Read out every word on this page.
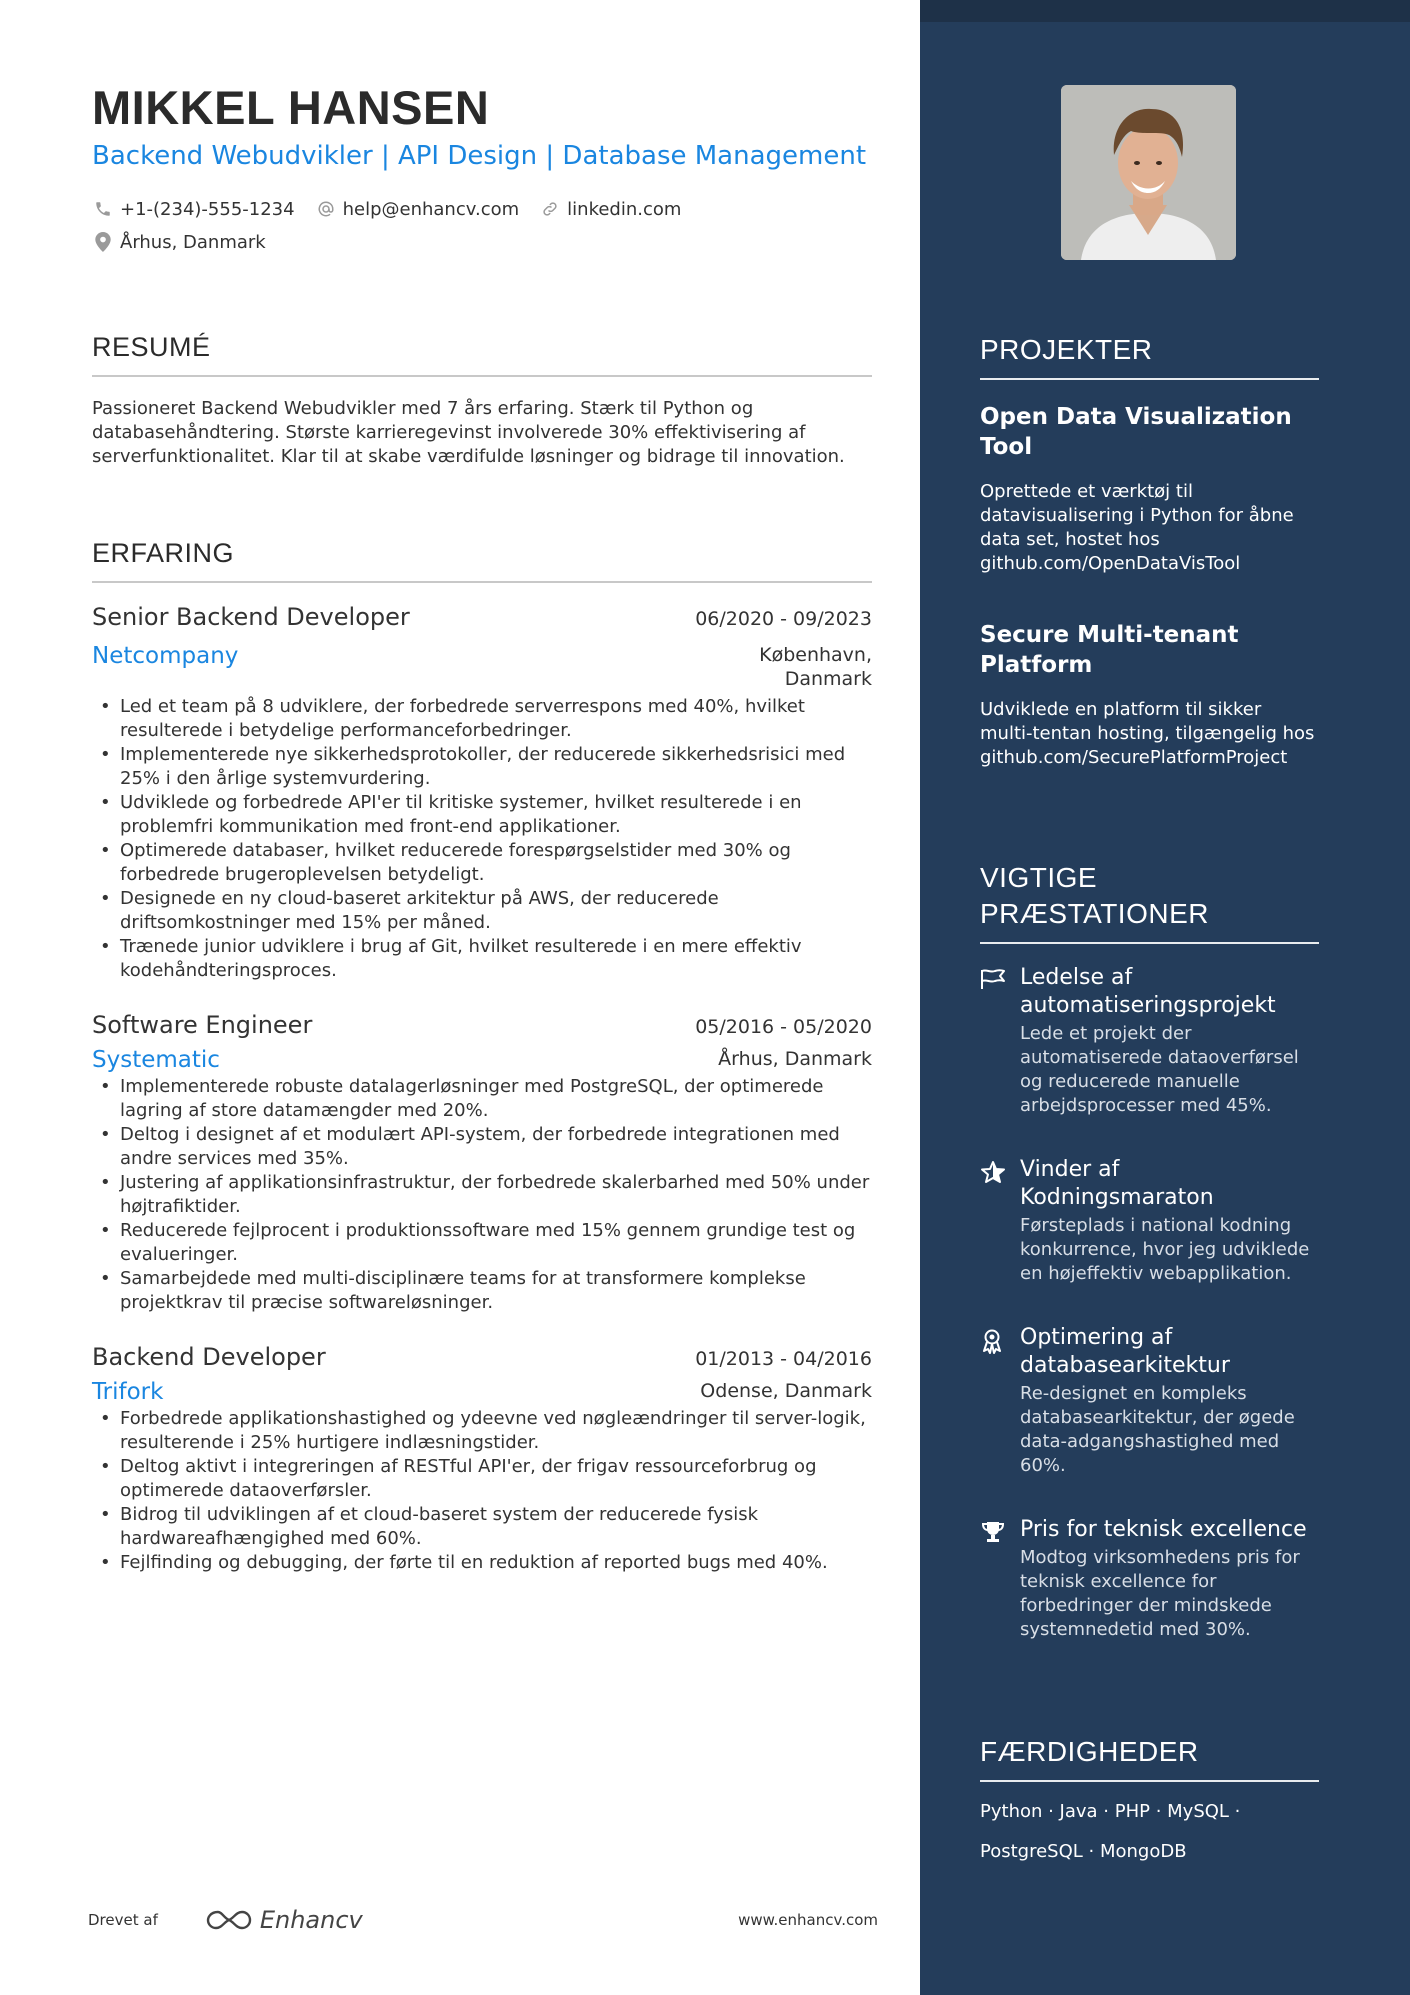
MIKKEL HANSEN
Backend Webudvikler | API Design | Database Management
+1-(234)-555-1234	help@enhancv.com	linkedin.com
Århus, Danmark
RESUMÉ
Passioneret Backend Webudvikler med 7 års erfaring. Stærk til Python og databasehåndtering. Største karrieregevinst involverede 30% effektivisering af serverfunktionalitet. Klar til at skabe værdifulde løsninger og bidrage til innovation.
ERFARING
Senior Backend Developer	06/2020 - 09/2023
Netcompany	København,
Danmark
• Led et team på 8 udviklere, der forbedrede serverrespons med 40%, hvilket resulterede i betydelige performanceforbedringer.
• Implementerede nye sikkerhedsprotokoller, der reducerede sikkerhedsrisici med 25% i den årlige systemvurdering.
• Udviklede og forbedrede API'er til kritiske systemer, hvilket resulterede i en problemfri kommunikation med front-end applikationer.
• Optimerede databaser, hvilket reducerede forespørgselstider med 30% og forbedrede brugeroplevelsen betydeligt.
• Designede en ny cloud-baseret arkitektur på AWS, der reducerede driftsomkostninger med 15% per måned.
• Trænede junior udviklere i brug af Git, hvilket resulterede i en mere effektiv kodehåndteringsproces.
Software Engineer	05/2016 - 05/2020
Systematic	Århus, Danmark
• Implementerede robuste datalagerløsninger med PostgreSQL, der optimerede lagring af store datamængder med 20%.
• Deltog i designet af et modulært API-system, der forbedrede integrationen med andre services med 35%.
• Justering af applikationsinfrastruktur, der forbedrede skalerbarhed med 50% under højtrafiktider.
• Reducerede fejlprocent i produktionssoftware med 15% gennem grundige test og evalueringer.
• Samarbejdede med multi-disciplinære teams for at transformere komplekse projektkrav til præcise softwareløsninger.
Backend Developer	01/2013 - 04/2016
Trifork	Odense, Danmark
• Forbedrede applikationshastighed og ydeevne ved nøgleændringer til server-logik, resulterende i 25% hurtigere indlæsningstider.
• Deltog aktivt i integreringen af RESTful API'er, der frigav ressourceforbrug og optimerede dataoverførsler.
• Bidrog til udviklingen af et cloud-baseret system der reducerede fysisk hardwareafhængighed med 60%.
• Fejlfinding og debugging, der førte til en reduktion af reported bugs med 40%.
Drevet af	Enhancv	www.enhancv.com
PROJEKTER
Open Data Visualization Tool
Oprettede et værktøj til datavisualisering i Python for åbne data set, hostet hos github.com/OpenDataVisTool
Secure Multi-tenant Platform
Udviklede en platform til sikker multi-tentan hosting, tilgængelig hos github.com/SecurePlatformProject
VIGTIGE PRÆSTATIONER
Ledelse af automatiseringsprojekt
Lede et projekt der automatiserede dataoverførsel og reducerede manuelle arbejdsprocesser med 45%.
Vinder af Kodningsmaraton
Førsteplads i national kodning konkurrence, hvor jeg udviklede en højeffektiv webapplikation.
Optimering af databasearkitektur
Re-designet en kompleks databasearkitektur, der øgede data-adgangshastighed med 60%.
Pris for teknisk excellence
Modtog virksomhedens pris for teknisk excellence for forbedringer der mindskede systemnedetid med 30%.
FÆRDIGHEDER
Python · Java · PHP · MySQL ·
PostgreSQL · MongoDB
